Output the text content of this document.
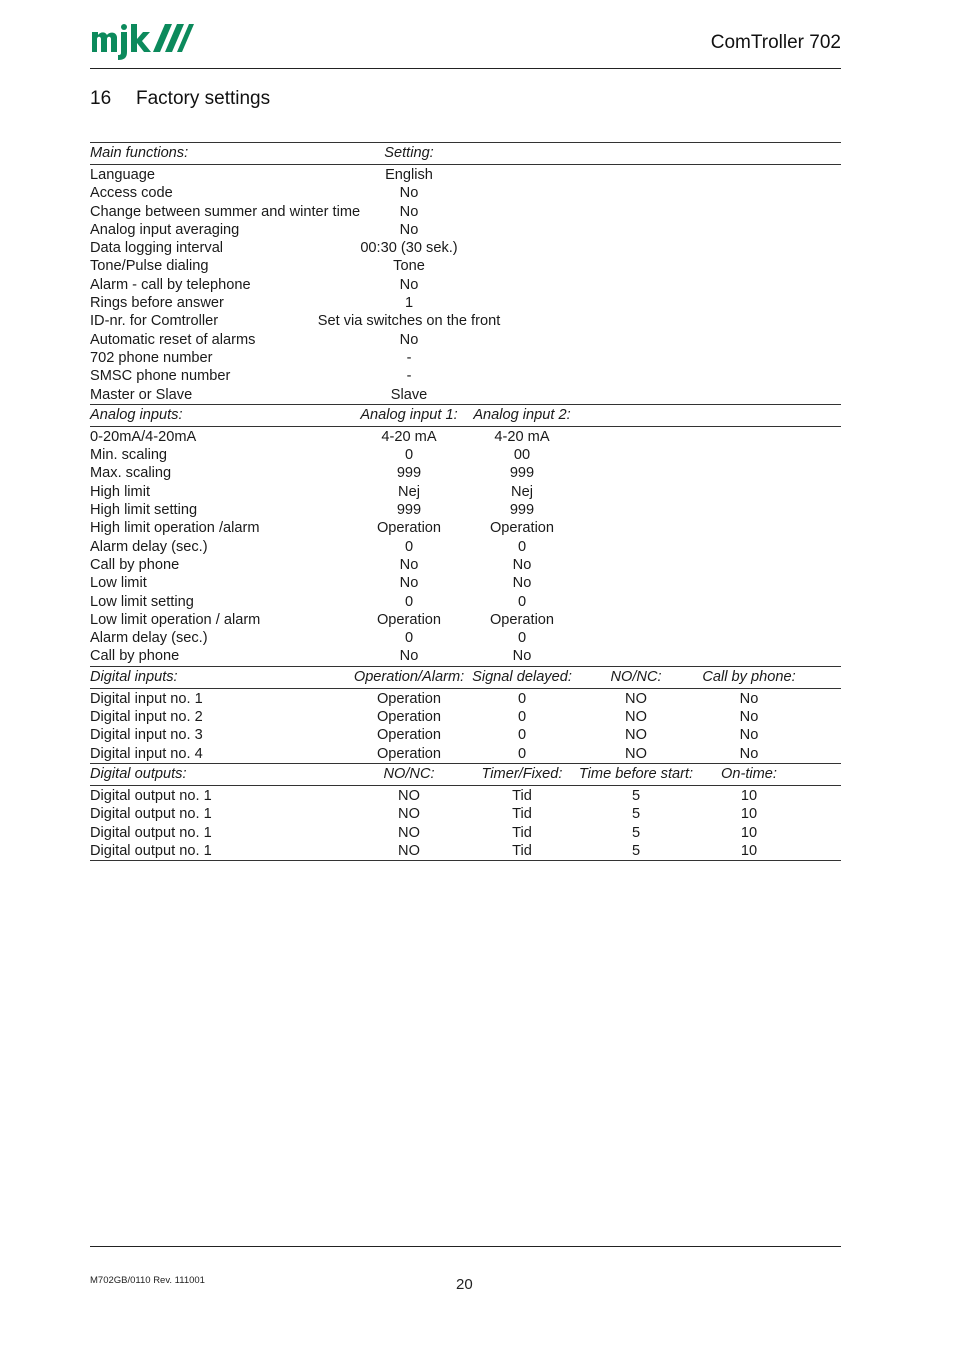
ComTroller 702
16 Factory settings
Main functions:	Setting:
Language	English
Access code	No
Change between summer and winter time	No
Analog input averaging	No
Data logging interval	00:30 (30 sek.)
Tone/Pulse dialing	Tone
Alarm - call by telephone	No
Rings before answer	1
ID-nr. for Comtroller	Set via switches on the front
Automatic reset of alarms	No
702 phone number	-
SMSC phone number	-
Master or Slave	Slave
Analog inputs:	Analog input 1: Analog input 2:
0-20mA/4-20mA	4-20 mA	4-20 mA
Min. scaling	0	00
Max. scaling	999	999
High limit	Nej	Nej
High limit setting	999	999
High limit operation /alarm	Operation	Operation
Alarm delay (sec.)	0	0
Call by phone	No	No
Low limit	No	No
Low limit setting	0	0
Low limit operation / alarm	Operation	Operation
Alarm delay (sec.)	0	0
Call by phone	No	No
Digital inputs:	Operation/Alarm: Signal delayed:	NO/NC:	Call by phone:
Digital input no. 1	Operation	0	NO	No
Digital input no. 2	Operation	0	NO	No
Digital input no. 3	Operation	0	NO	No
Digital input no. 4	Operation	0	NO	No
Digital outputs:	NO/NC:	Timer/Fixed: Time before start: On-time:
Digital output no. 1	NO	Tid	5	10
Digital output no. 1	NO	Tid	5	10
Digital output no. 1	NO	Tid	5	10
Digital output no. 1	NO	Tid	5	10
M702GB/0110 Rev. 111001	20
